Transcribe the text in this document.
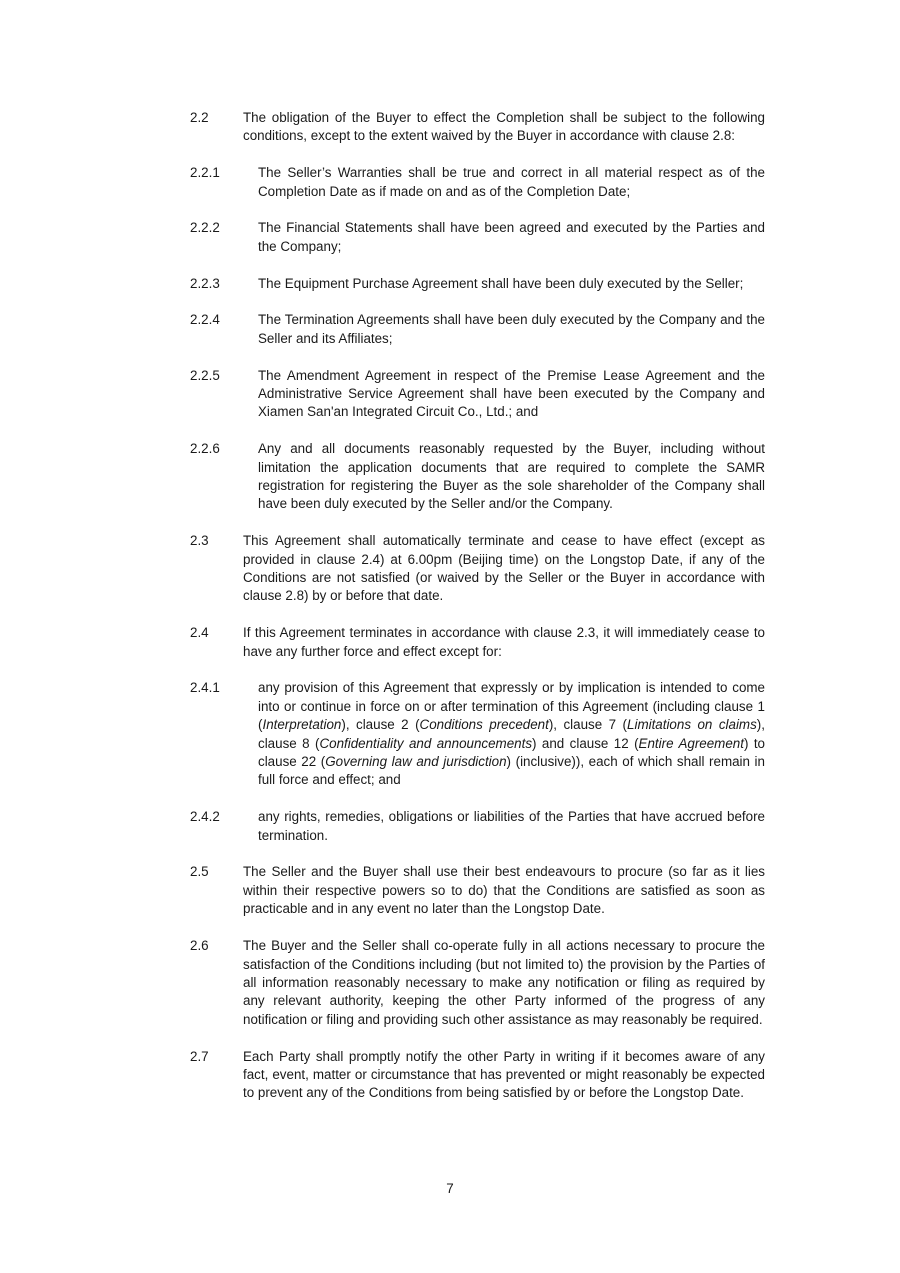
2.2	The obligation of the Buyer to effect the Completion shall be subject to the following conditions, except to the extent waived by the Buyer in accordance with clause 2.8:
2.2.1	The Seller’s Warranties shall be true and correct in all material respect as of the Completion Date as if made on and as of the Completion Date;
2.2.2	The Financial Statements shall have been agreed and executed by the Parties and the Company;
2.2.3	The Equipment Purchase Agreement shall have been duly executed by the Seller;
2.2.4	The Termination Agreements shall have been duly executed by the Company and the Seller and its Affiliates;
2.2.5	The Amendment Agreement in respect of the Premise Lease Agreement and the Administrative Service Agreement shall have been executed by the Company and Xiamen San'an Integrated Circuit Co., Ltd.; and
2.2.6	Any and all documents reasonably requested by the Buyer, including without limitation the application documents that are required to complete the SAMR registration for registering the Buyer as the sole shareholder of the Company shall have been duly executed by the Seller and/or the Company.
2.3	This Agreement shall automatically terminate and cease to have effect (except as provided in clause 2.4) at 6.00pm (Beijing time) on the Longstop Date, if any of the Conditions are not satisfied (or waived by the Seller or the Buyer in accordance with clause 2.8) by or before that date.
2.4	If this Agreement terminates in accordance with clause 2.3, it will immediately cease to have any further force and effect except for:
2.4.1	any provision of this Agreement that expressly or by implication is intended to come into or continue in force on or after termination of this Agreement (including clause 1 (Interpretation), clause 2 (Conditions precedent), clause 7 (Limitations on claims), clause 8 (Confidentiality and announcements) and clause 12 (Entire Agreement) to clause 22 (Governing law and jurisdiction) (inclusive)), each of which shall remain in full force and effect; and
2.4.2	any rights, remedies, obligations or liabilities of the Parties that have accrued before termination.
2.5	The Seller and the Buyer shall use their best endeavours to procure (so far as it lies within their respective powers so to do) that the Conditions are satisfied as soon as practicable and in any event no later than the Longstop Date.
2.6	The Buyer and the Seller shall co-operate fully in all actions necessary to procure the satisfaction of the Conditions including (but not limited to) the provision by the Parties of all information reasonably necessary to make any notification or filing as required by any relevant authority, keeping the other Party informed of the progress of any notification or filing and providing such other assistance as may reasonably be required.
2.7	Each Party shall promptly notify the other Party in writing if it becomes aware of any fact, event, matter or circumstance that has prevented or might reasonably be expected to prevent any of the Conditions from being satisfied by or before the Longstop Date.
7
